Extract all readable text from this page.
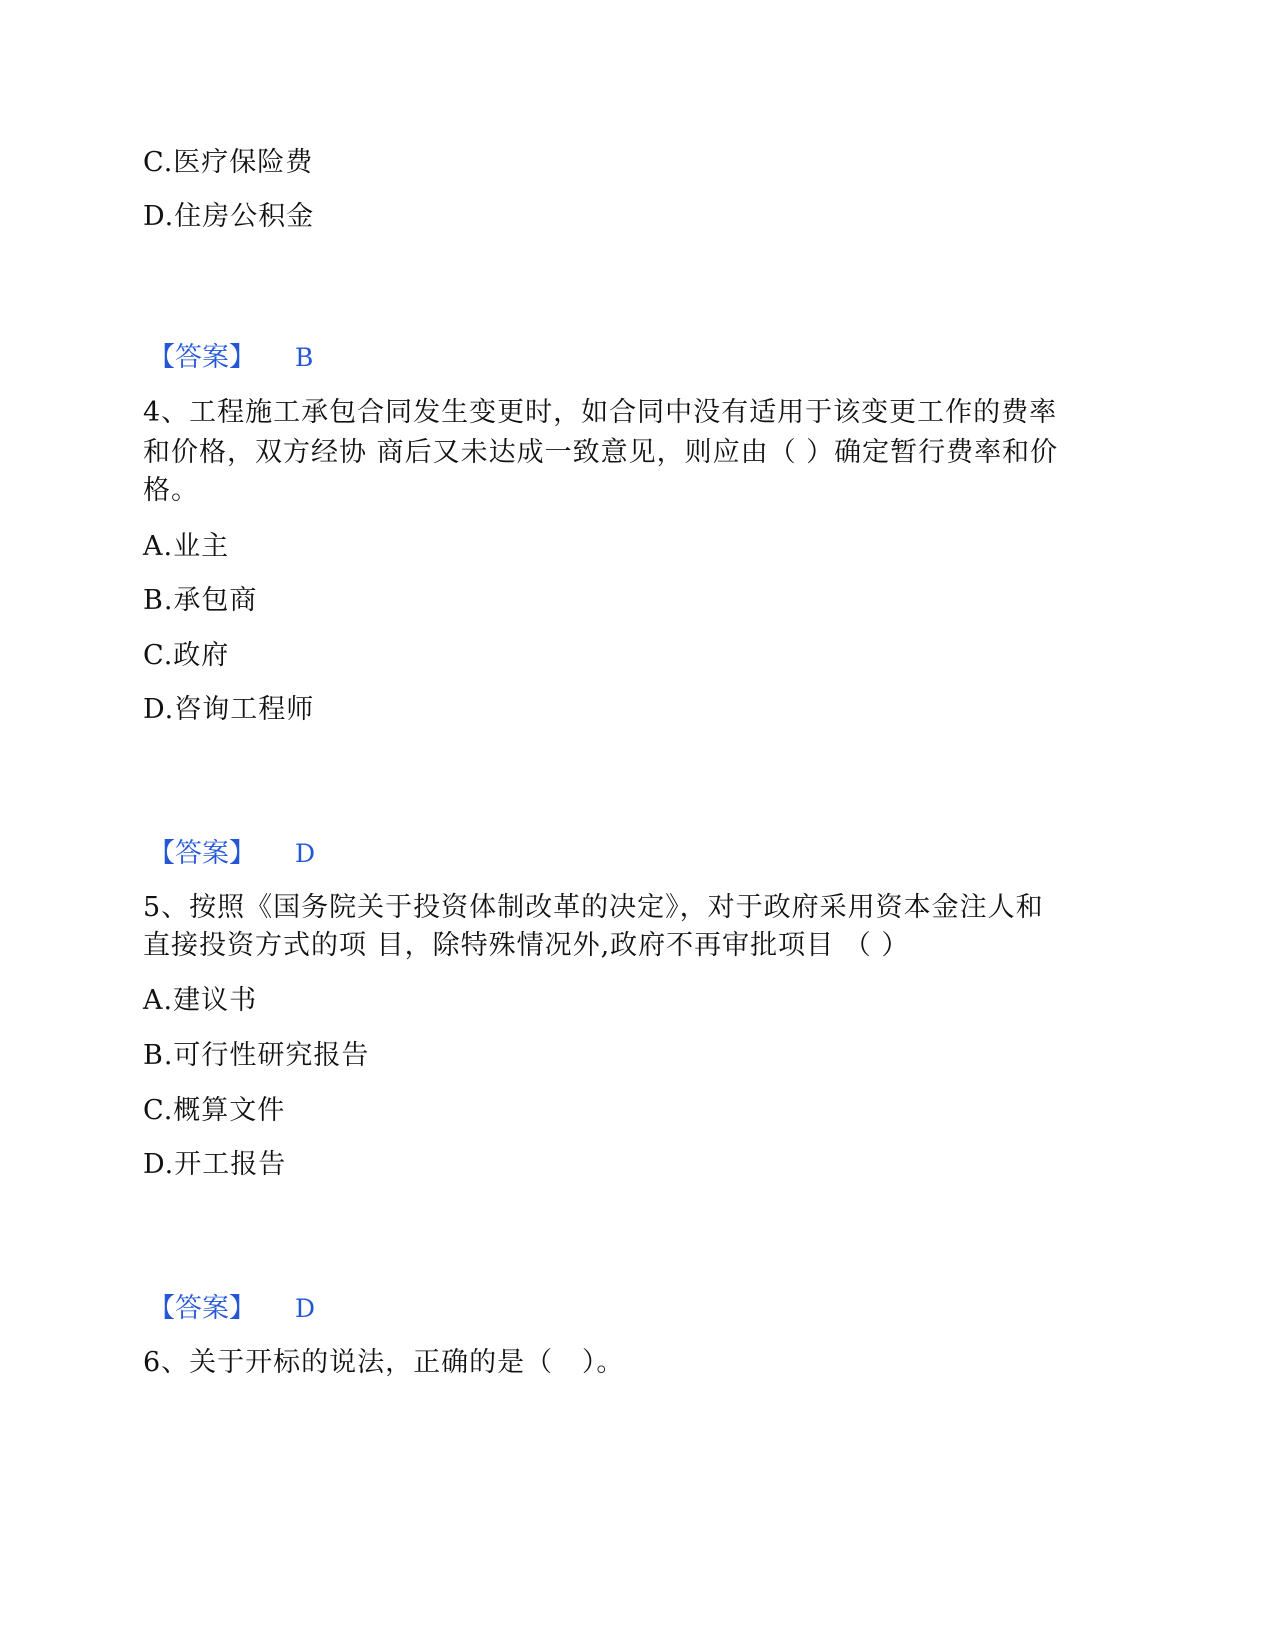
C.医疗保险费
D.住房公积金

【答案】

B

4、工程施工承包合同发生变更时，如合同中没有适用于该变更工作的费率
和价格，双方经协 商后又未达成一致意见，则应由（ ）确定暂行费率和价
格。
A.业主
B.承包商
C.政府
D.咨询工程师

【答案】

D

5、按照《国务院关于投资体制改革的决定》，对于政府采用资本金注人和
直接投资方式的项 目，除特殊情况外,政府不再审批项目 （ ）
A.建议书
B.可行性研究报告
C.概算文件
D.开工报告

【答案】

D

6、关于开标的说法，正确的是（   ）。
